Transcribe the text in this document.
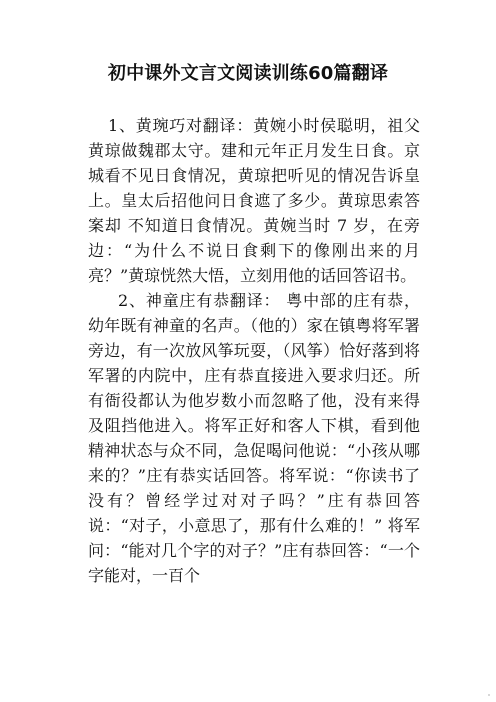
初中课外文言文阅读训练60篇翻译

1、黄琬巧对翻译：黄婉小时侯聪明，祖父黄琼做魏郡太守。建和元年正月发生日食。京城看不见日食情况，黄琼把听见的情况告诉皇上。皇太后招他问日食遮了多少。黄琼思索答案却 不知道日食情况。黄婉当时 7 岁，在旁边：“为什么不说日食剩下的像刚出来的月亮？”黄琼恍然大悟，立刻用他的话回答诏书。

2、神童庄有恭翻译： 粤中部的庄有恭，幼年既有神童的名声。（他的）家在镇粤将军署旁边，有一次放风筝玩耍，（风筝）恰好落到将军署的内院中，庄有恭直接进入要求归还。所有衙役都认为他岁数小而忽略了他，没有来得及阻挡他进入。将军正好和客人下棋，看到他精神状态与众不同，急促喝问他说：“小孩从哪来的？”庄有恭实话回答。将军说：“你读书了没有？曾经学过对对子吗？”庄有恭回答说：“对子，小意思了，那有什么难的！” 将军问：“能对几个字的对子？”庄有恭回答：“一个字能对，一百个
